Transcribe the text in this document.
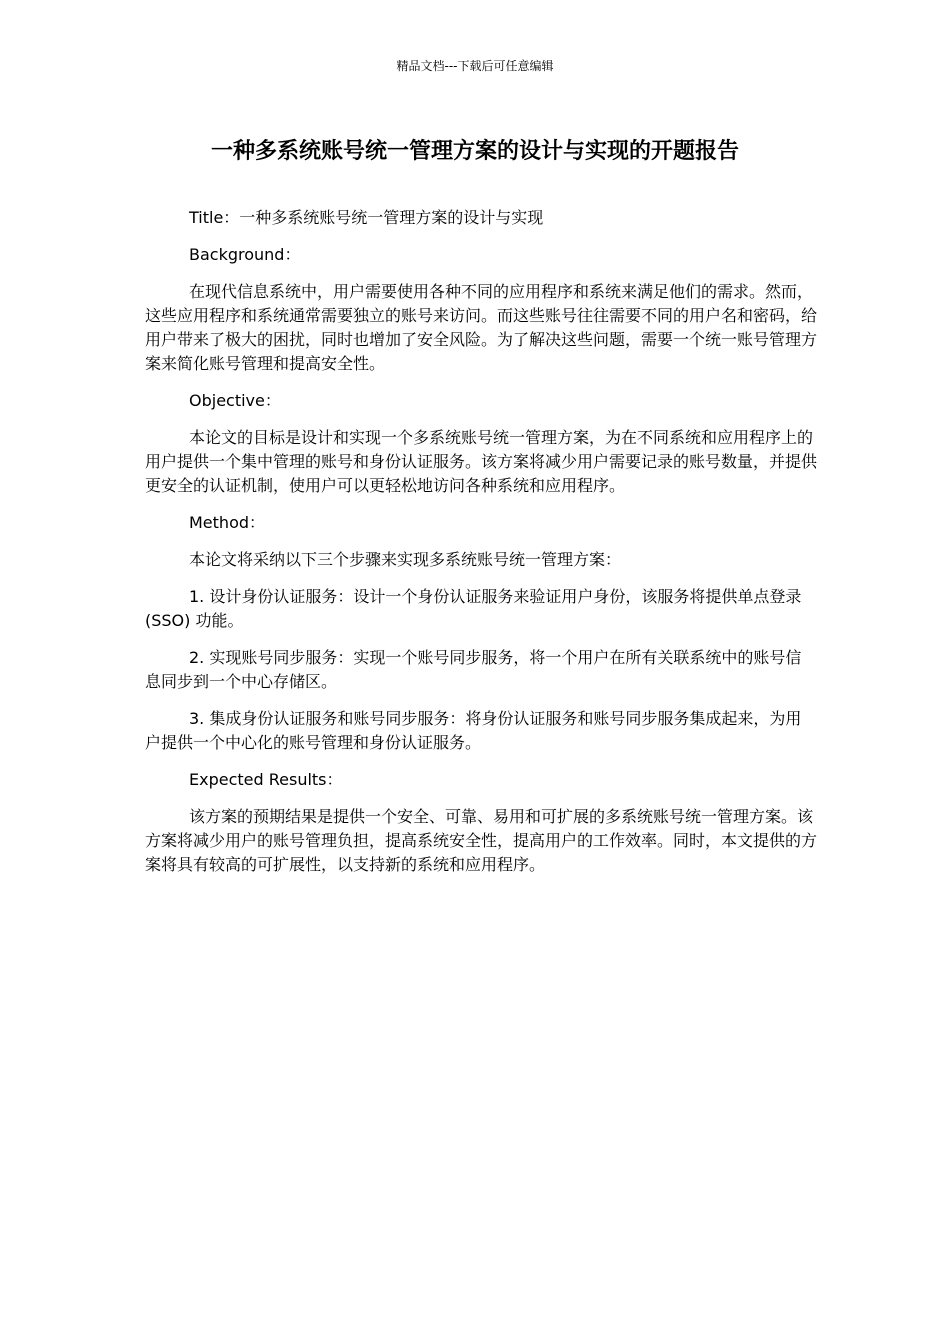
精品文档---下载后可任意编辑
一种多系统账号统一管理方案的设计与实现的开题报告

Title：一种多系统账号统一管理方案的设计与实现

Background：

在现代信息系统中，用户需要使用各种不同的应用程序和系统来满足他们的需求。然而，这些应用程序和系统通常需要独立的账号来访问。而这些账号往往需要不同的用户名和密码，给用户带来了极大的困扰，同时也增加了安全风险。为了解决这些问题，需要一个统一账号管理方案来简化账号管理和提高安全性。

Objective：

本论文的目标是设计和实现一个多系统账号统一管理方案，为在不同系统和应用程序上的用户提供一个集中管理的账号和身份认证服务。该方案将减少用户需要记录的账号数量，并提供更安全的认证机制，使用户可以更轻松地访问各种系统和应用程序。

Method：

本论文将采纳以下三个步骤来实现多系统账号统一管理方案：

1. 设计身份认证服务：设计一个身份认证服务来验证用户身份，该服务将提供单点登录 (SSO) 功能。

2. 实现账号同步服务：实现一个账号同步服务，将一个用户在所有关联系统中的账号信息同步到一个中心存储区。

3. 集成身份认证服务和账号同步服务：将身份认证服务和账号同步服务集成起来，为用户提供一个中心化的账号管理和身份认证服务。

Expected Results：

该方案的预期结果是提供一个安全、可靠、易用和可扩展的多系统账号统一管理方案。该方案将减少用户的账号管理负担，提高系统安全性，提高用户的工作效率。同时，本文提供的方案将具有较高的可扩展性，以支持新的系统和应用程序。
